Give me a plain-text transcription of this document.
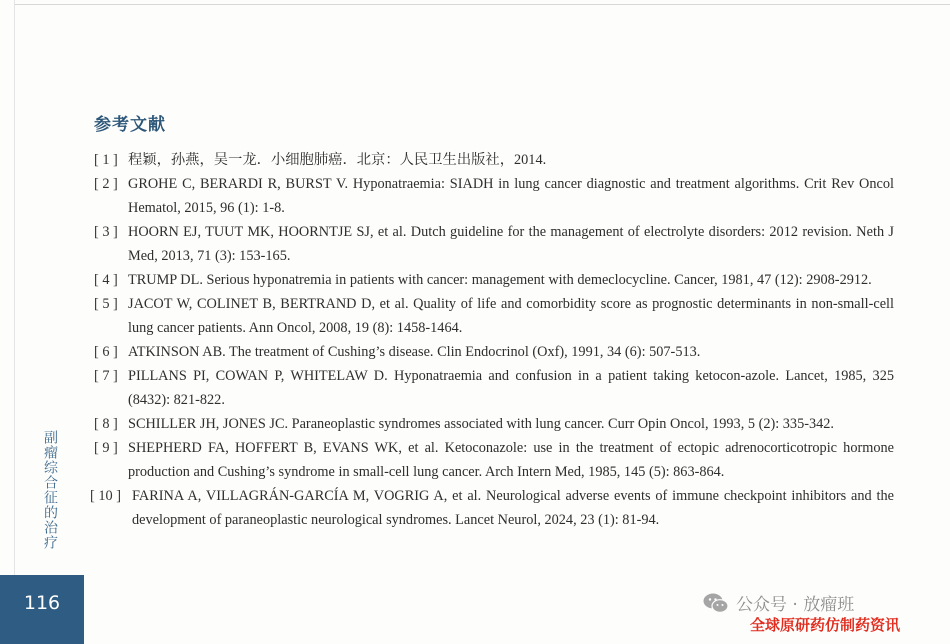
参考文献
[ 1 ] 程颖，孙燕，吴一龙．小细胞肺癌．北京：人民卫生出版社，2014.
[ 2 ] GROHE C, BERARDI R, BURST V. Hyponatraemia: SIADH in lung cancer diagnostic and treatment algorithms. Crit Rev Oncol Hematol, 2015, 96 (1): 1-8.
[ 3 ] HOORN EJ, TUUT MK, HOORNTJE SJ, et al. Dutch guideline for the management of electrolyte disorders: 2012 revision. Neth J Med, 2013, 71 (3): 153-165.
[ 4 ] TRUMP DL. Serious hyponatremia in patients with cancer: management with demeclocycline. Cancer, 1981, 47 (12): 2908-2912.
[ 5 ] JACOT W, COLINET B, BERTRAND D, et al. Quality of life and comorbidity score as prognostic determinants in non-small-cell lung cancer patients. Ann Oncol, 2008, 19 (8): 1458-1464.
[ 6 ] ATKINSON AB. The treatment of Cushing’s disease. Clin Endocrinol (Oxf), 1991, 34 (6): 507-513.
[ 7 ] PILLANS PI, COWAN P, WHITELAW D. Hyponatraemia and confusion in a patient taking ketocon-azole. Lancet, 1985, 325 (8432): 821-822.
[ 8 ] SCHILLER JH, JONES JC. Paraneoplastic syndromes associated with lung cancer. Curr Opin Oncol, 1993, 5 (2): 335-342.
[ 9 ] SHEPHERD FA, HOFFERT B, EVANS WK, et al. Ketoconazole: use in the treatment of ectopic adrenocorticotropic hormone production and Cushing’s syndrome in small-cell lung cancer. Arch Intern Med, 1985, 145 (5): 863-864.
[ 10 ] FARINA A, VILLAGRÁN-GARCÍA M, VOGRIG A, et al. Neurological adverse events of immune checkpoint inhibitors and the development of paraneoplastic neurological syndromes. Lancet Neurol, 2024, 23 (1): 81-94.
副瘤综合征的治疗
116	公众号 · 放瘤班
全球原研药仿制药资讯
